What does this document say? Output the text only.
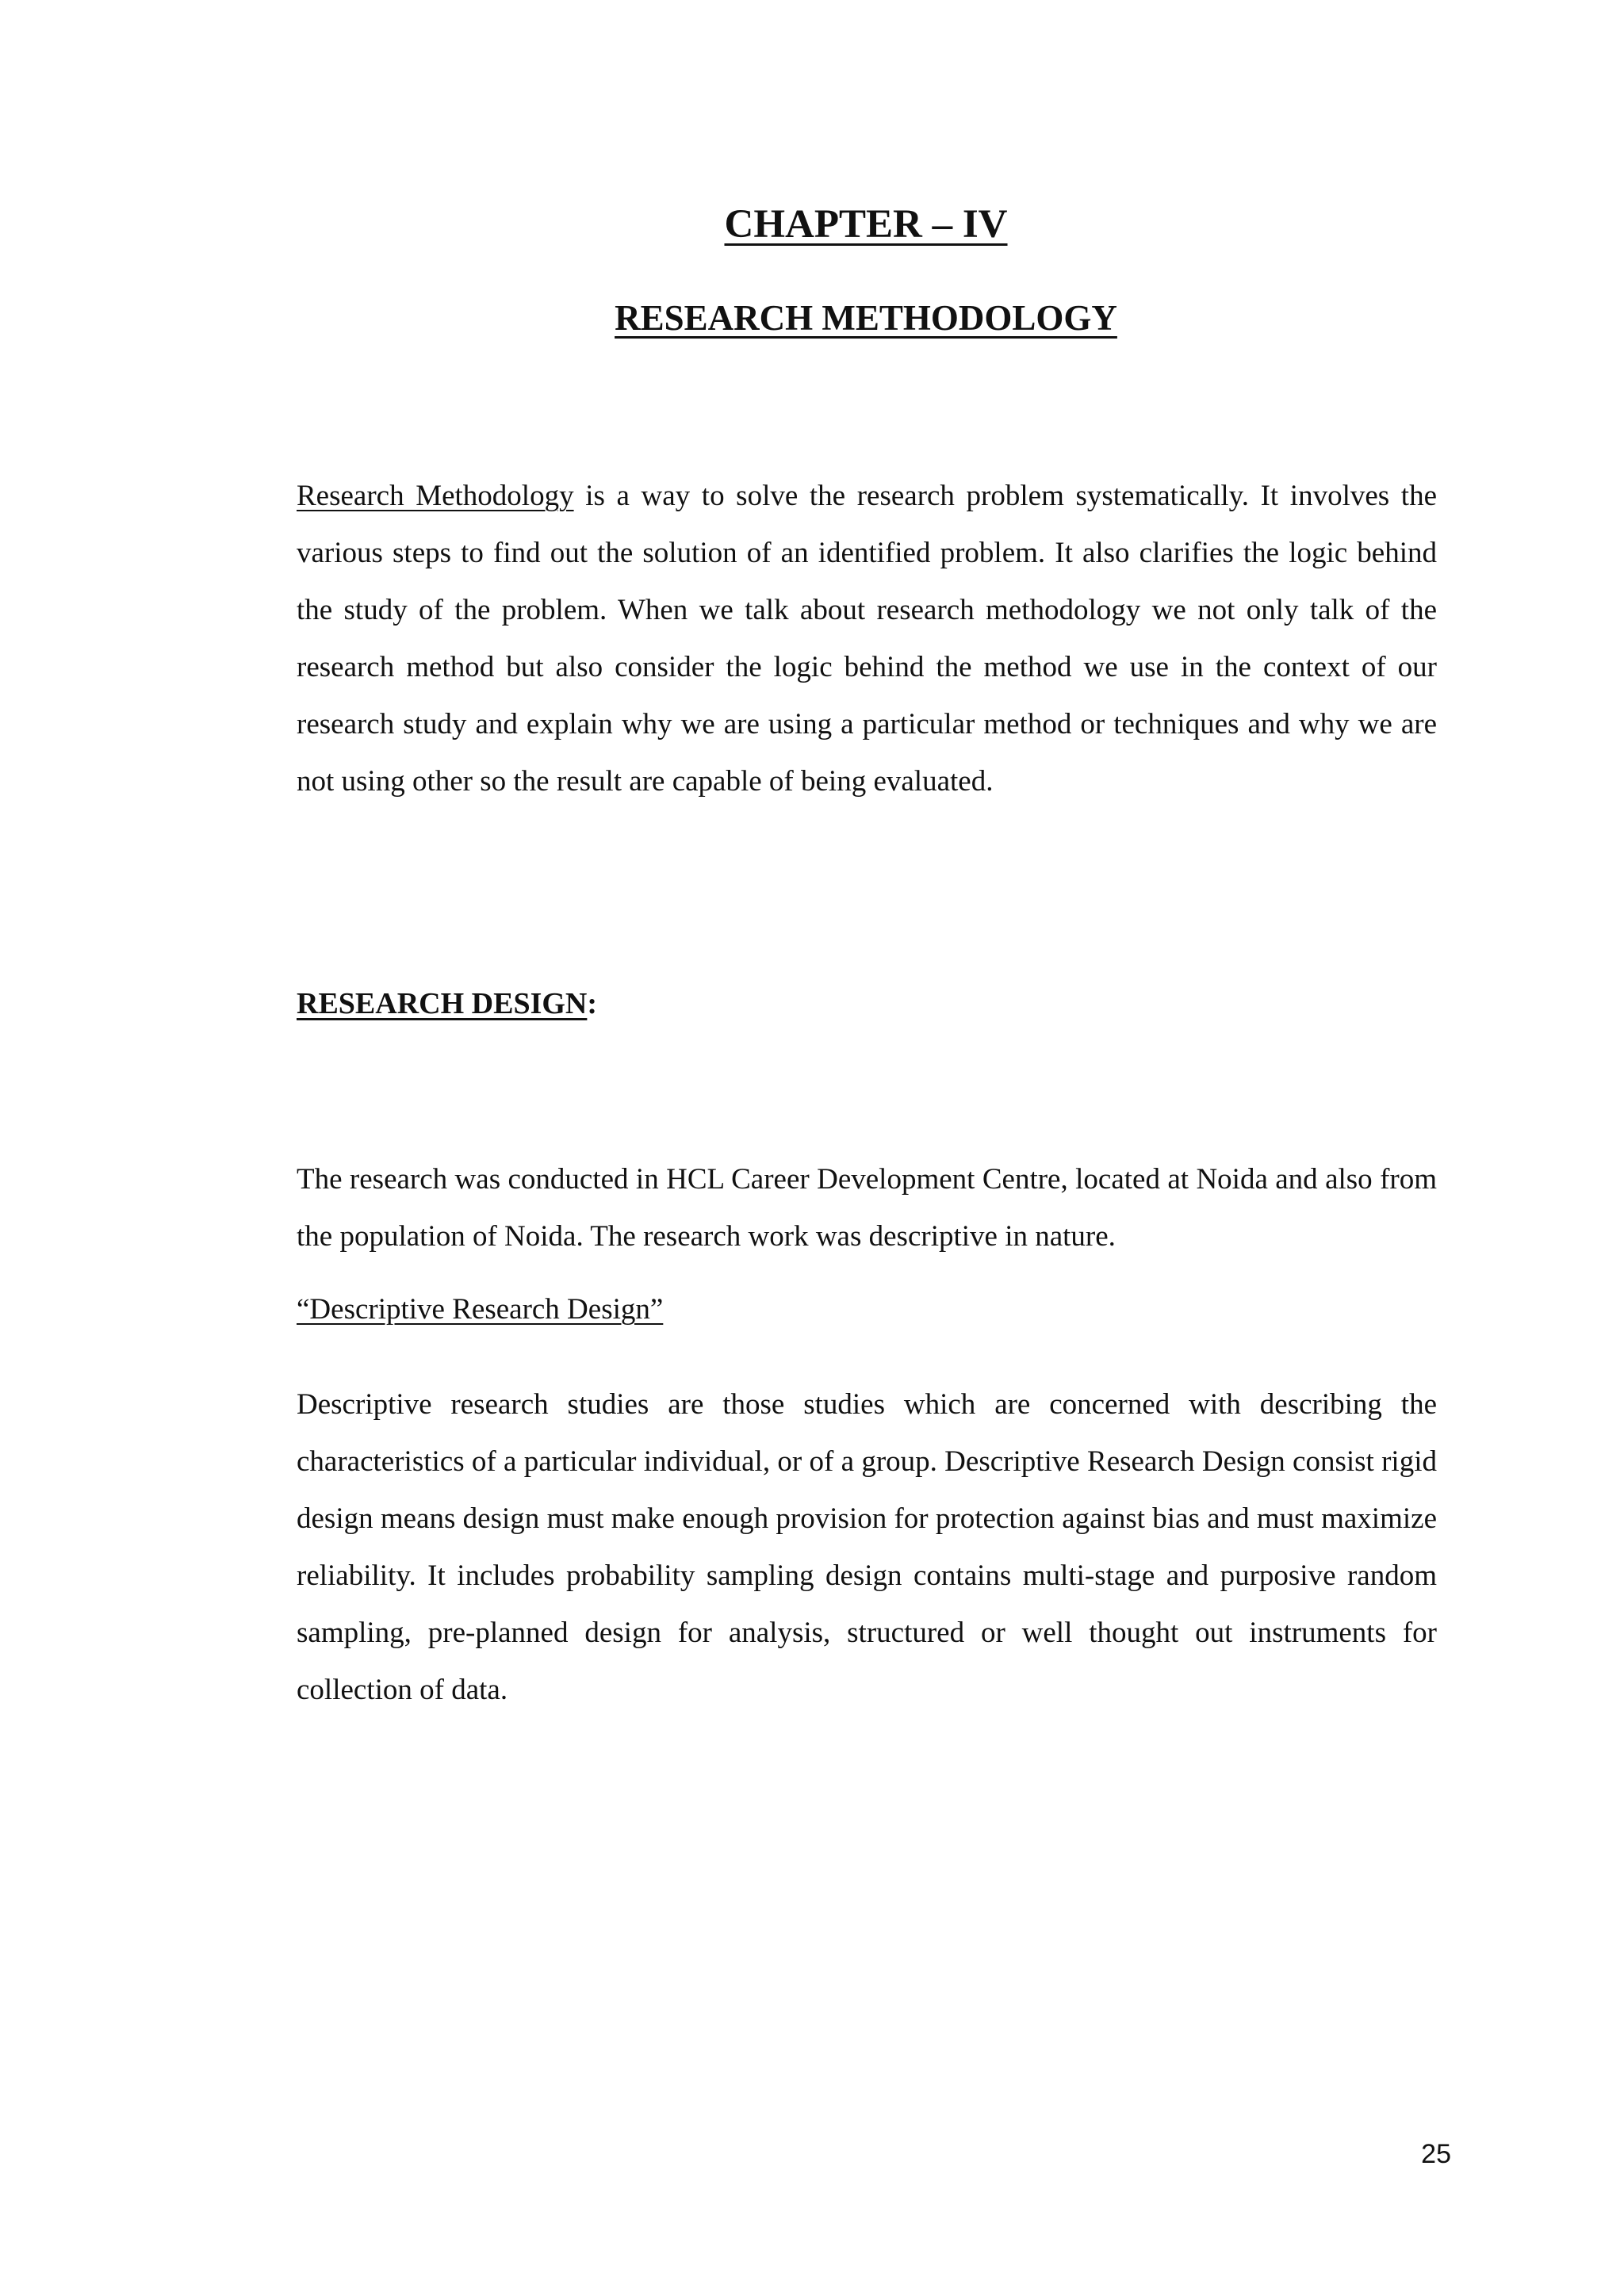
CHAPTER – IV
RESEARCH METHODOLOGY

Research Methodology is a way to solve the research problem systematically. It involves the various steps to find out the solution of an identified problem. It also clarifies the logic behind the study of the problem. When we talk about research methodology we not only talk of the research method but also consider the logic behind the method we use in the context of our research study and explain why we are using a particular method or techniques and why we are not using other so the result are capable of being evaluated.

RESEARCH DESIGN:

The research was conducted in HCL Career Development Centre, located at Noida and also from the population of Noida. The research work was descriptive in nature.

“Descriptive Research Design”

Descriptive research studies are those studies which are concerned with describing the characteristics of a particular individual, or of a group. Descriptive Research Design consist rigid design means design must make enough provision for protection against bias and must maximize reliability. It includes probability sampling design contains multi-stage and purposive random sampling, pre-planned design for analysis, structured or well thought out instruments for collection of data.

25
